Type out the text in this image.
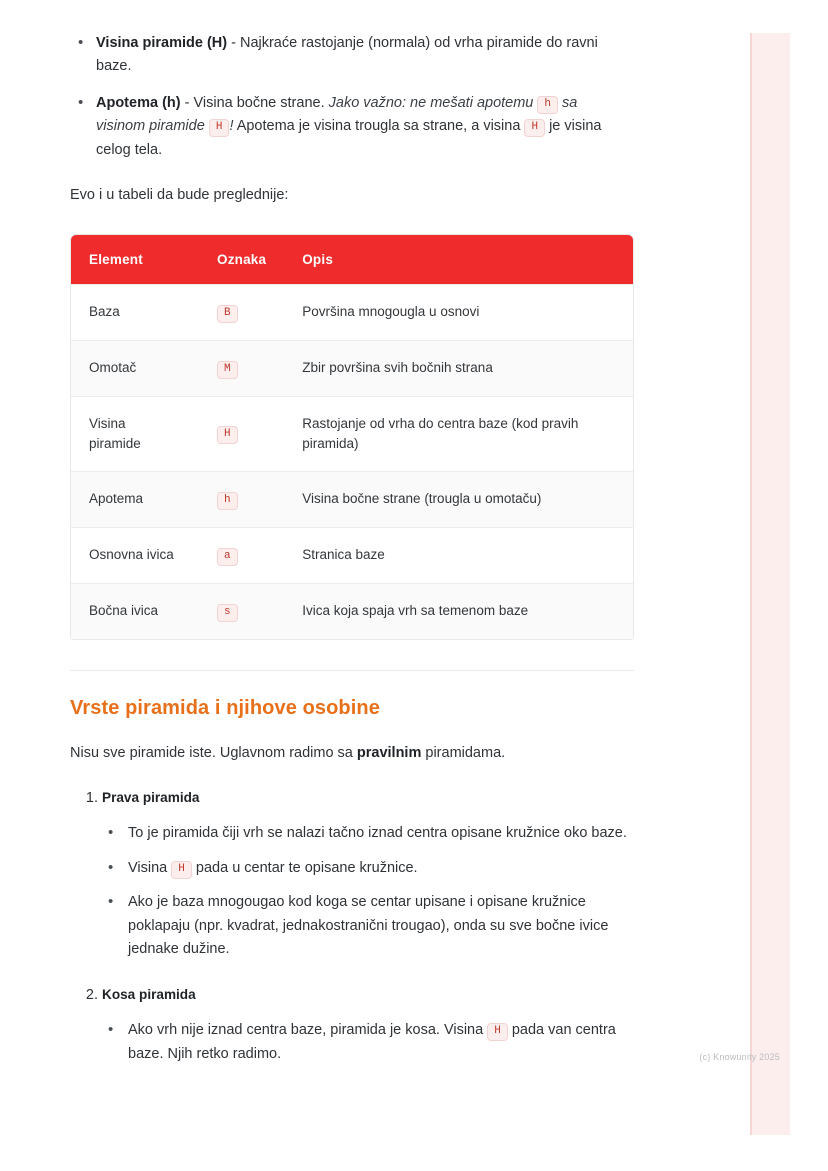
• Visina piramide (H) - Najkraće rastojanje (normala) od vrha piramide do ravni baze.
• Apotema (h) - Visina bočne strane. Jako važno: ne mešati apotemu h sa visinom piramide H ! Apotema je visina trougla sa strane, a visina H je visina celog tela.

Evo i u tabeli da bude preglednije:

Element	Oznaka	Opis
Baza	B	Površina mnogougla u osnovi
Omotač	M	Zbir površina svih bočnih strana
Visina piramide	H	Rastojanje od vrha do centra baze (kod pravih piramida)
Apotema	h	Visina bočne strane (trougla u omotaču)
Osnovna ivica	a	Stranica baze
Bočna ivica	s	Ivica koja spaja vrh sa temenom baze
Vrste piramida i njihove osobine

Nisu sve piramide iste. Uglavnom radimo sa pravilnim piramidama.

1. Prava piramida
• To je piramida čiji vrh se nalazi tačno iznad centra opisane kružnice oko baze.
• Visina H pada u centar te opisane kružnice.
• Ako je baza mnogougao kod koga se centar upisane i opisane kružnice poklapaju (npr. kvadrat, jednakostranični trougao), onda su sve bočne ivice jednake dužine.
2. Kosa piramida
• Ako vrh nije iznad centra baze, piramida je kosa. Visina H pada van centra baze. Njih retko radimo.	(c) Knowunity 2025
